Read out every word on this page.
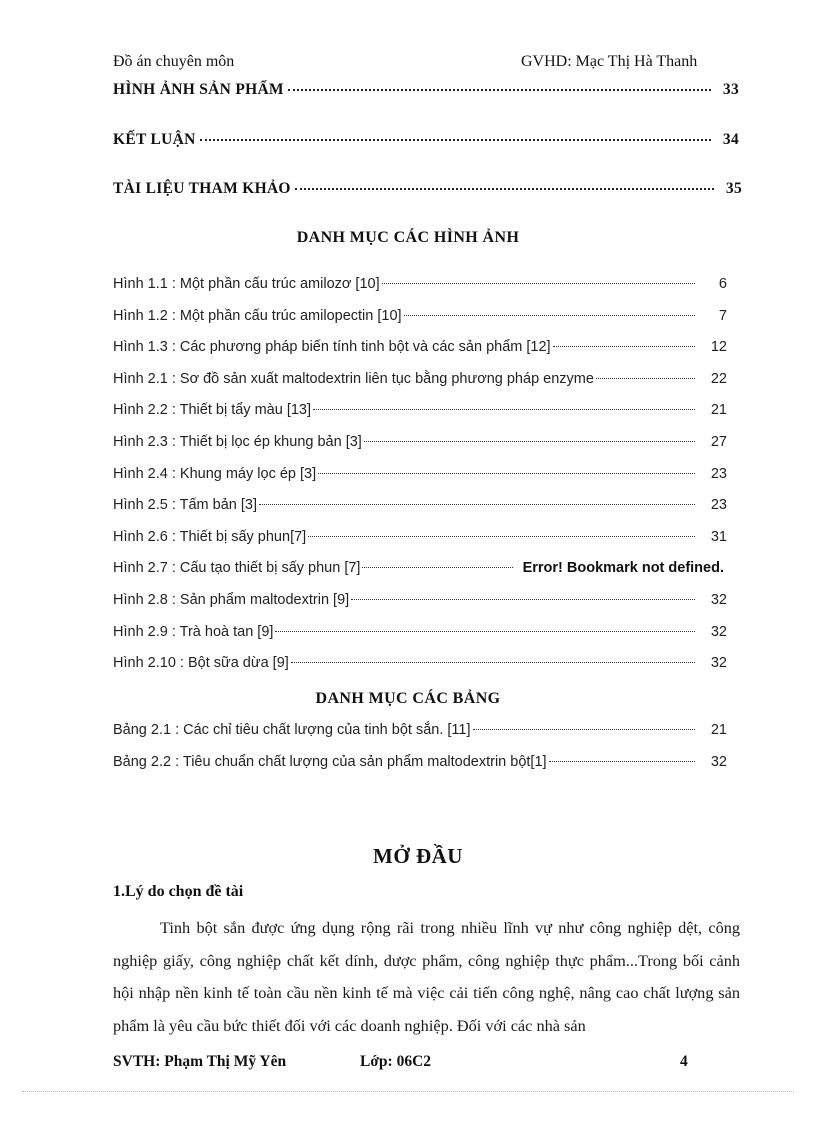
Đồ án chuyên môn	GVHD: Mạc Thị Hà Thanh
HÌNH ẢNH SẢN PHẨM	33
KẾT LUẬN	34
TÀI LIỆU THAM KHẢO	35
DANH MỤC CÁC HÌNH ẢNH
Hình 1.1 : Một phần cấu trúc amilozơ [10]	6
Hình 1.2 : Một phần cấu trúc amilopectin [10]	7
Hình 1.3 : Các phương pháp biến tính tinh bột và các sản phẩm [12]	12
Hình 2.1 : Sơ đồ sản xuất maltodextrin liên tục bằng phương pháp enzyme	22
Hình 2.2 : Thiết bị tẩy màu [13]	21
Hình 2.3 : Thiết bị lọc ép khung bản [3]	27
Hình 2.4 : Khung máy lọc ép [3]	23
Hình 2.5 : Tấm bản [3]	23
Hình 2.6 : Thiết bị sấy phun[7]	31
Hình 2.7 : Cấu tạo thiết bị sấy phun [7]	Error! Bookmark not defined.
Hình 2.8 : Sản phẩm maltodextrin [9]	32
Hình 2.9 : Trà hoà tan [9]	32
Hình 2.10 : Bột sữa dừa [9]	32
DANH MỤC CÁC BẢNG
Bảng 2.1 : Các chỉ tiêu chất lượng của tinh bột sắn. [11]	21
Bảng 2.2 : Tiêu chuẩn chất lượng của sản phẩm maltodextrin bột[1]	32
MỞ ĐẦU
1.Lý do chọn đề tài
Tinh bột sắn được ứng dụng rộng rãi trong nhiều lĩnh vự như công nghiệp dệt, công nghiệp giấy, công nghiệp chất kết dính, dược phẩm, công nghiệp thực phẩm...Trong bối cảnh hội nhập nền kinh tế toàn cầu nền kinh tế mà việc cải tiến công nghệ, nâng cao chất lượng sản phẩm là yêu cầu bức thiết đối với các doanh nghiệp. Đối với các nhà sản
SVTH: Phạm Thị Mỹ Yên	Lớp: 06C2	4
